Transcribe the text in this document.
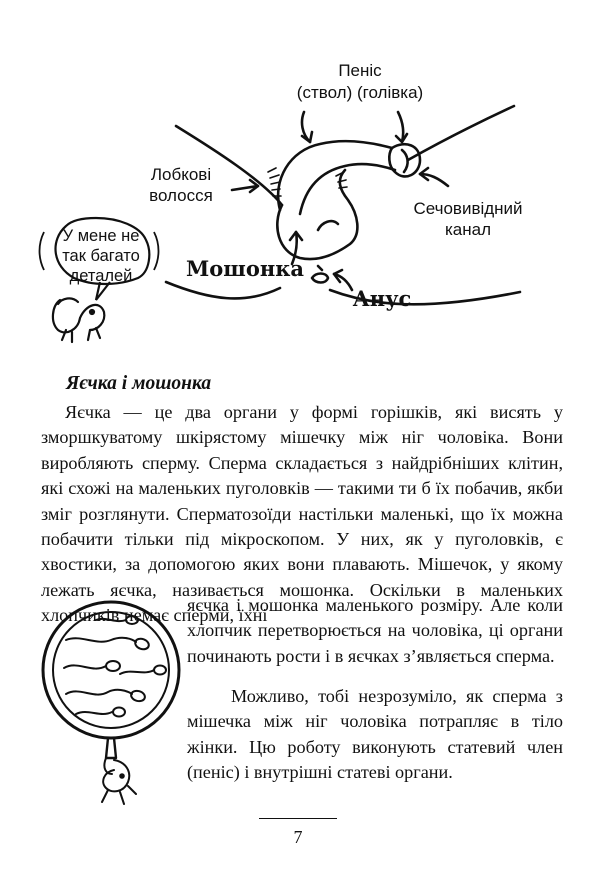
Пеніс
(ствол) (голівка)
Лобкові
волосся
Сечовивідний
канал
Мошонка
Анус
У мене не
так багато
деталей
Яєчка і мошонка

Яєчка — це два органи у формі горішків, які висять у зморшкуватому шкірястому мішечку між ніг чоловіка. Вони виробляють сперму. Сперма складається з найдрібніших клітин, які схожі на маленьких пуголовків — такими ти б їх побачив, якби зміг розглянути. Сперматозоїди настільки маленькі, що їх можна побачити тільки під мікроскопом. У них, як у пуголовків, є хвостики, за допомогою яких вони плавають. Мішечок, у якому лежать яєчка, називається мошонка. Оскільки в маленьких хлопчиків немає сперми, їхні

яєчка і мошонка маленького розміру. Але коли хлопчик перетворюється на чоловіка, ці органи починають рости і в яєчках з’являється сперма.

Можливо, тобі незрозуміло, як сперма з мішечка між ніг чоловіка потрапляє в тіло жінки. Цю роботу виконують статевий член (пеніс) і внутрішні статеві органи.

7
